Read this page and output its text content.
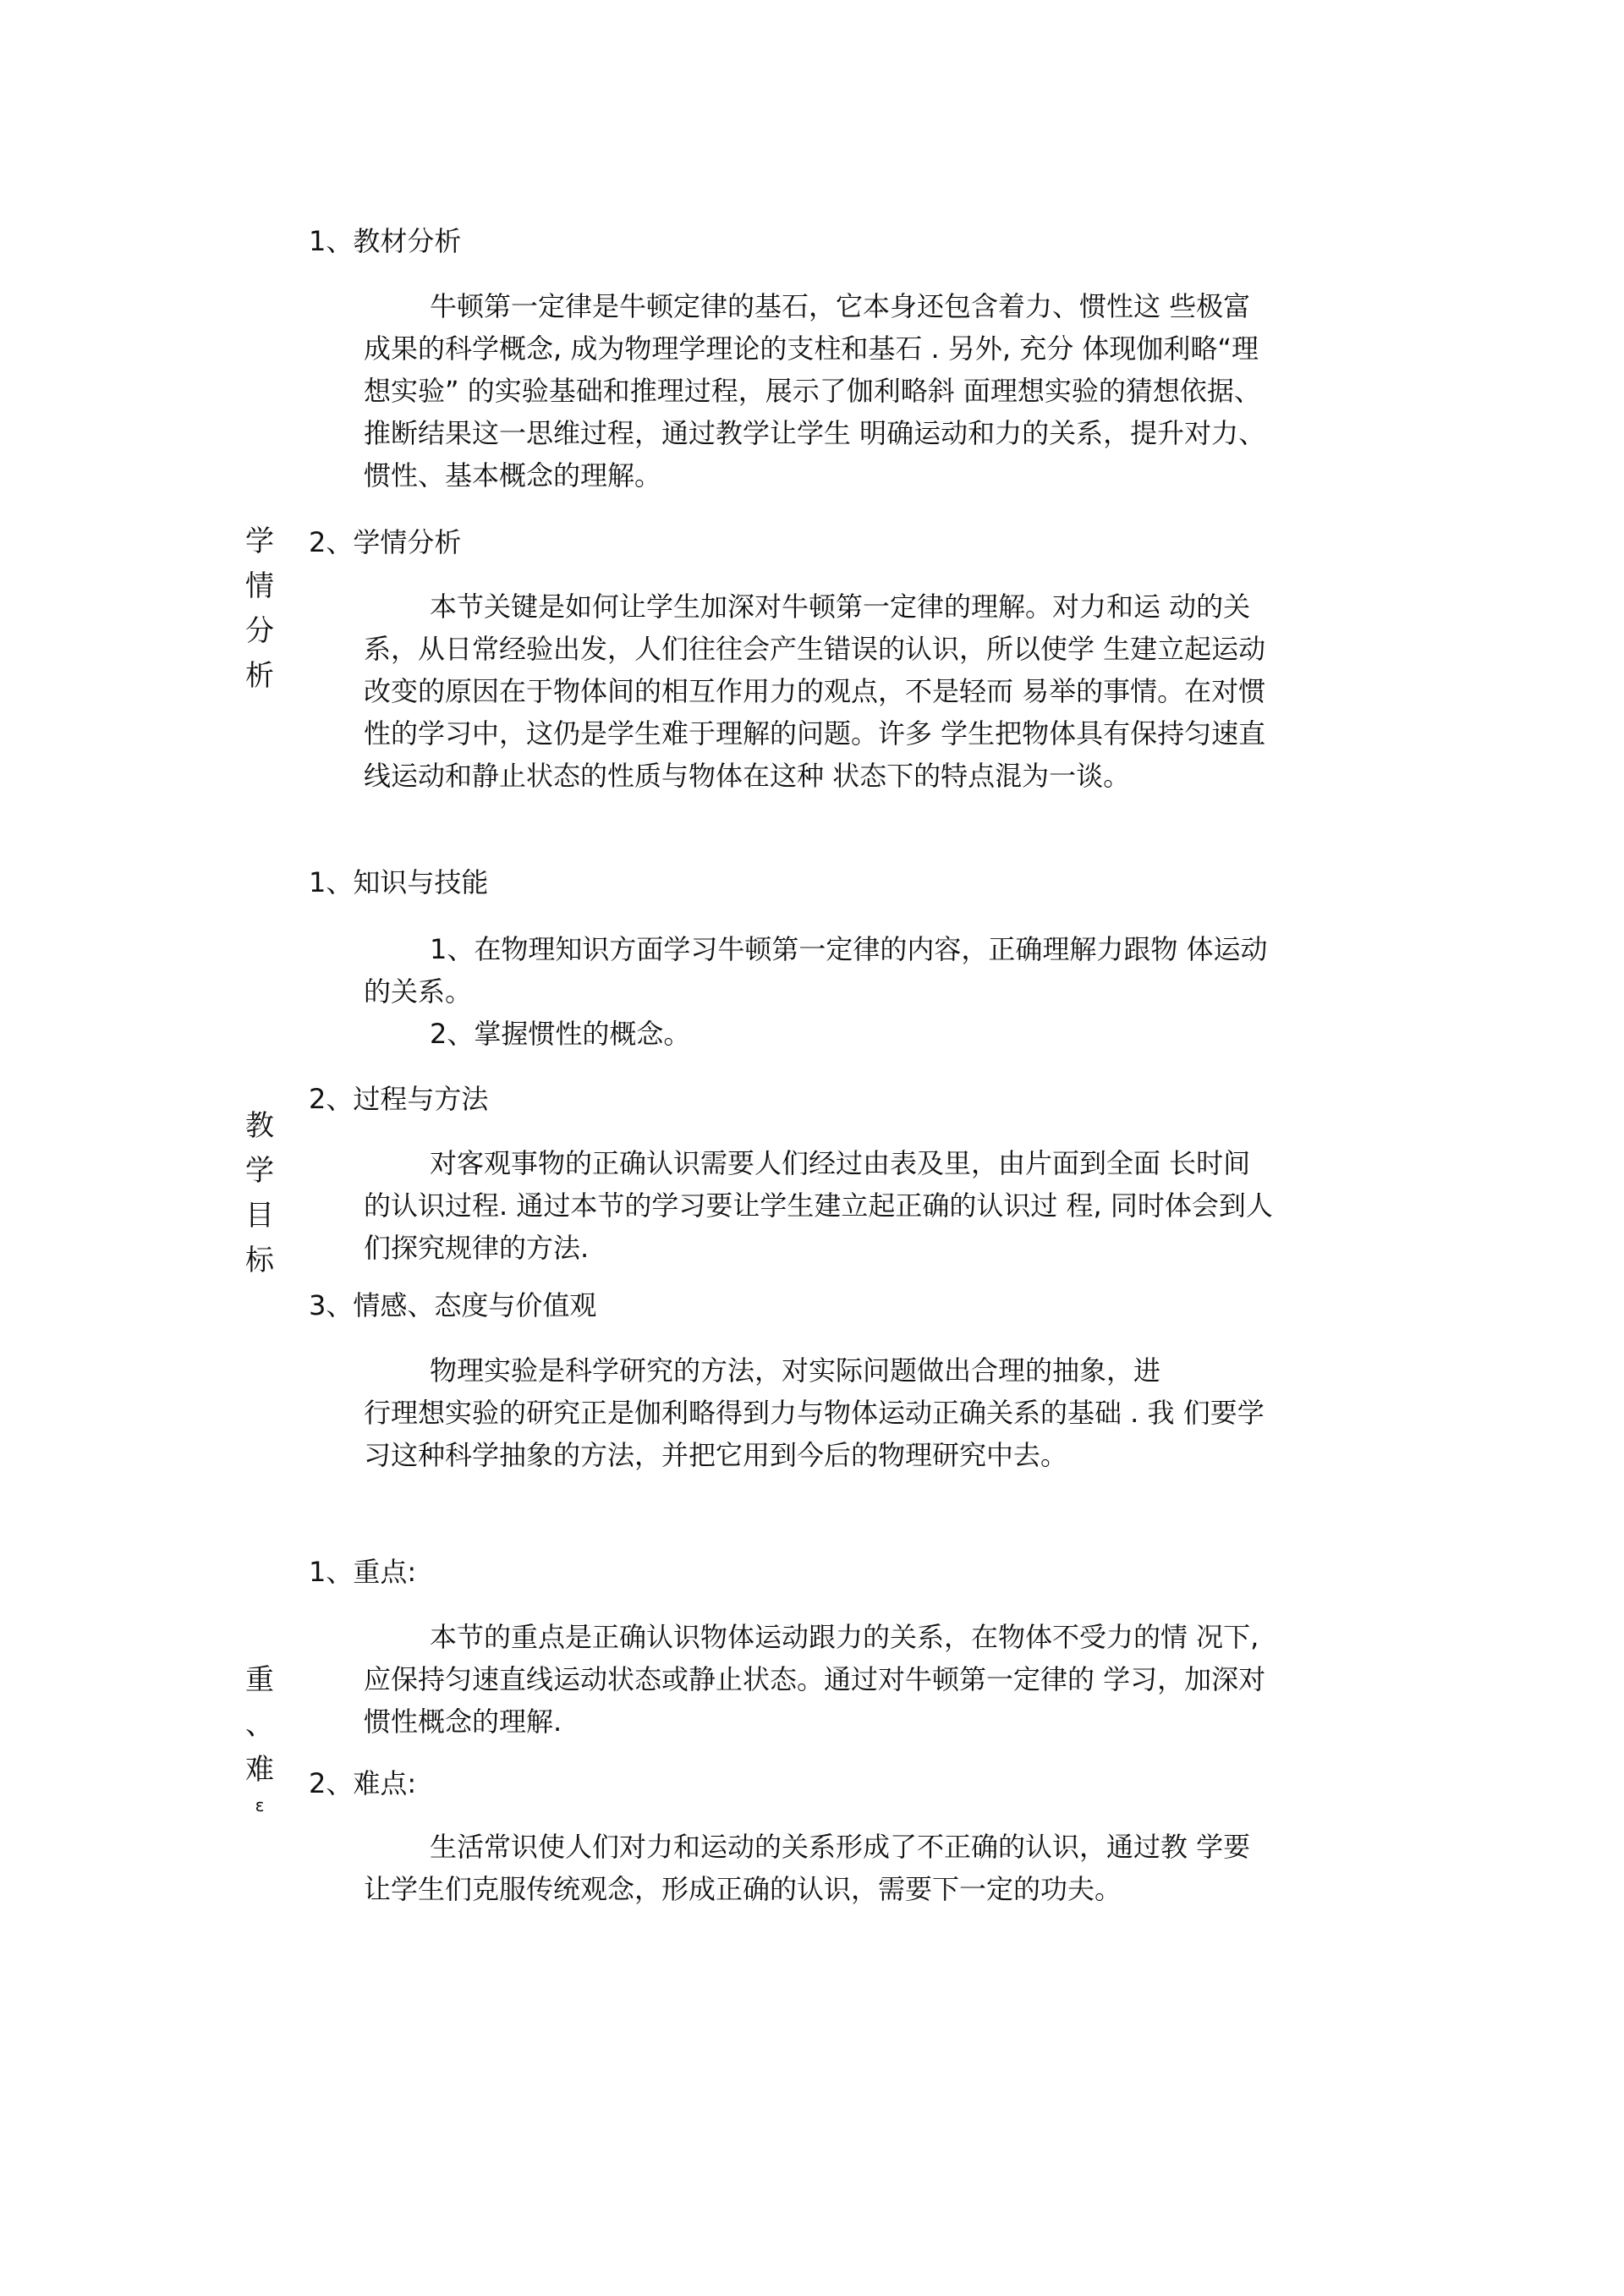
学
情
分
析
1、教材分析
牛顿第一定律是牛顿定律的基石，它本身还包含着力、惯性这 些极富
成果的科学概念, 成为物理学理论的支柱和基石 . 另外, 充分 体现伽利略“理
想实验” 的实验基础和推理过程，展示了伽利略斜 面理想实验的猜想依据、
推断结果这一思维过程，通过教学让学生 明确运动和力的关系，提升对力、
惯性、基本概念的理解。
2、学情分析
本节关键是如何让学生加深对牛顿第一定律的理解。对力和运 动的关
系，从日常经验出发，人们往往会产生错误的认识，所以使学 生建立起运动
改变的原因在于物体间的相互作用力的观点，不是轻而 易举的事情。在对惯
性的学习中，这仍是学生难于理解的问题。许多 学生把物体具有保持匀速直
线运动和静止状态的性质与物体在这种 状态下的特点混为一谈。
教
学
目
标
1、知识与技能
1、在物理知识方面学习牛顿第一定律的内容，正确理解力跟物 体运动
的关系。
2、掌握惯性的概念。
2、过程与方法
对客观事物的正确认识需要人们经过由表及里，由片面到全面 长时间
的认识过程. 通过本节的学习要让学生建立起正确的认识过 程, 同时体会到人
们探究规律的方法.
3、情感、态度与价值观
物理实验是科学研究的方法，对实际问题做出合理的抽象，进
行理想实验的研究正是伽利略得到力与物体运动正确关系的基础 . 我 们要学
习这种科学抽象的方法，并把它用到今后的物理研究中去。
重
、
难
ɛ
1、重点:
本节的重点是正确认识物体运动跟力的关系，在物体不受力的情 况下,
应保持匀速直线运动状态或静止状态。通过对牛顿第一定律的 学习，加深对
惯性概念的理解.
2、难点:
生活常识使人们对力和运动的关系形成了不正确的认识，通过教 学要
让学生们克服传统观念，形成正确的认识，需要下一定的功夫。
